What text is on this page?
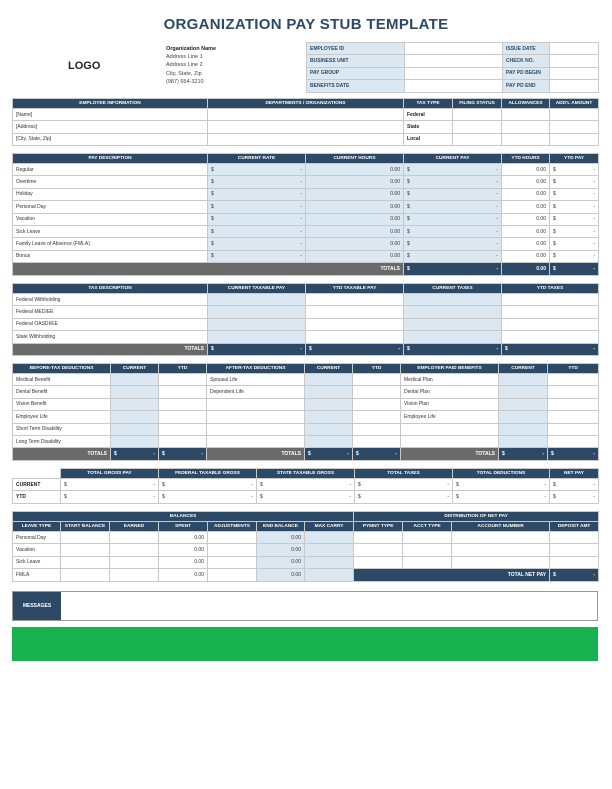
ORGANIZATION PAY STUB TEMPLATE
LOGO
Organization Name
Address Line 1
Address Line 2
City, State, Zip
(987) 654-3210
EMPLOYEE ID		ISSUE DATE	
BUSINESS UNIT		CHECK NO.	
PAY GROUP		PAY PD BEGIN	
BENEFITS DATE		PAY PD END	
EMPLOYEE INFORMATION	DEPARTMENTS / ORGANIZATIONS	TAX TYPE	FILING STATUS	ALLOWANCES	ADD'L AMOUNT
[Name]		Federal			
[Address]		State			
[City, State, Zip]		Local			
PAY DESCRIPTION	CURRENT RATE	CURRENT HOURS	CURRENT PAY	YTD HOURS	YTD PAY
Regular	$ -	0.00	$ -	0.00	$ -

Overtime	$ -	0.00	$ -	0.00	$ -

Holiday	$ -	0.00	$ -	0.00	$ -

Personal Day	$ -	0.00	$ -	0.00	$ -

Vacation	$ -	0.00	$ -	0.00	$ -

Sick Leave	$ -	0.00	$ -	0.00	$ -

Family Leave of Absence (FMLA)	$ -	0.00	$ -	0.00	$ -

Bonus	$ -	0.00	$ -	0.00	$ -

TOTALS			$ -	0.00	$ -
TAX DESCRIPTION	CURRENT TAXABLE PAY	YTD TAXABLE PAY	CURRENT TAXES	YTD TAXES
Federal Withholding				
Federal MED/EE				
Federal OASDI/EE				
State Withholding				
TOTALS	$ -	$ -	$ -	$ -
BEFORE-TAX DEDUCTIONS	CURRENT	YTD	AFTER-TAX DEDUCTIONS	CURRENT	YTD	EMPLOYER PAID BENEFITS	CURRENT	YTD
Medical Benefit			Spousal Life			Medical Plan		
Dental Benefit			Dependent Life			Dental Plan		
Vision Benefit						Vision Plan		
Employee Life						Employee Life		
Short Term Disability								
Long Term Disability								
TOTALS	$ -	$ -	TOTALS	$ -	$ -	TOTALS	$ -	$ -
	TOTAL GROSS PAY	FEDERAL TAXABLE GROSS	STATE TAXABLE GROSS	TOTAL TAXES	TOTAL DEDUCTIONS	NET PAY
CURRENT	$ -	$ -	$ -	$ -	$ -	$ -

YTD	$ -	$ -	$ -	$ -	$ -	$ -
BALANCES							DISTRIBUTION OF NET PAY			
LEAVE TYPE	START BALANCE	EARNED	SPENT	ADJUSTMENTS	END BALANCE	MAX CARRY	PYMNT TYPE	ACCT TYPE	ACCOUNT NUMBER	DEPOSIT AMT
Personal Day			0.00		0.00					
Vacation			0.00		0.00					
Sick Leave			0.00		0.00					
FMLA			0.00		0.00		TOTAL NET PAY			$ -
MESSAGES
